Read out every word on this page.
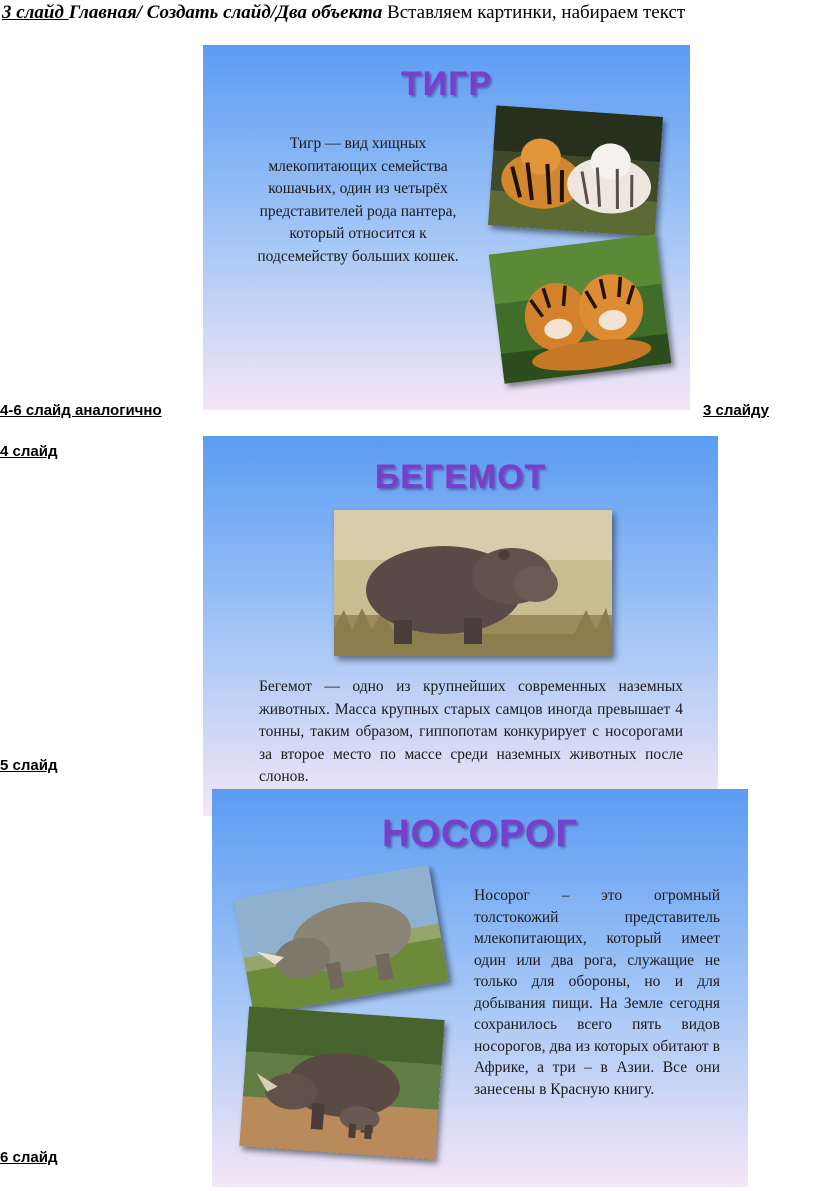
3 слайд Главная/ Создать слайд/Два объекта Вставляем картинки, набираем текст
4-6 слайд аналогично	3 слайду
4 слайд
5 слайд
6 слайд
ТИГР
Тигр — вид хищных млекопитающих семейства кошачьих, один из четырёх представителей рода пантера, который относится к подсемейству больших кошек.
БЕГЕМОТ
Бегемот — одно из крупнейших современных наземных животных. Масса крупных старых самцов иногда превышает 4 тонны, таким образом, гиппопотам конкурирует с носорогами за второе место по массе среди наземных животных после слонов.
НОСОРОГ
Носорог – это огромный толстокожий представитель млекопитающих, который имеет один или два рога, служащие не только для обороны, но и для добывания пищи. На Земле сегодня сохранилось всего пять видов носорогов, два из которых обитают в Африке, а три – в Азии. Все они занесены в Красную книгу.
